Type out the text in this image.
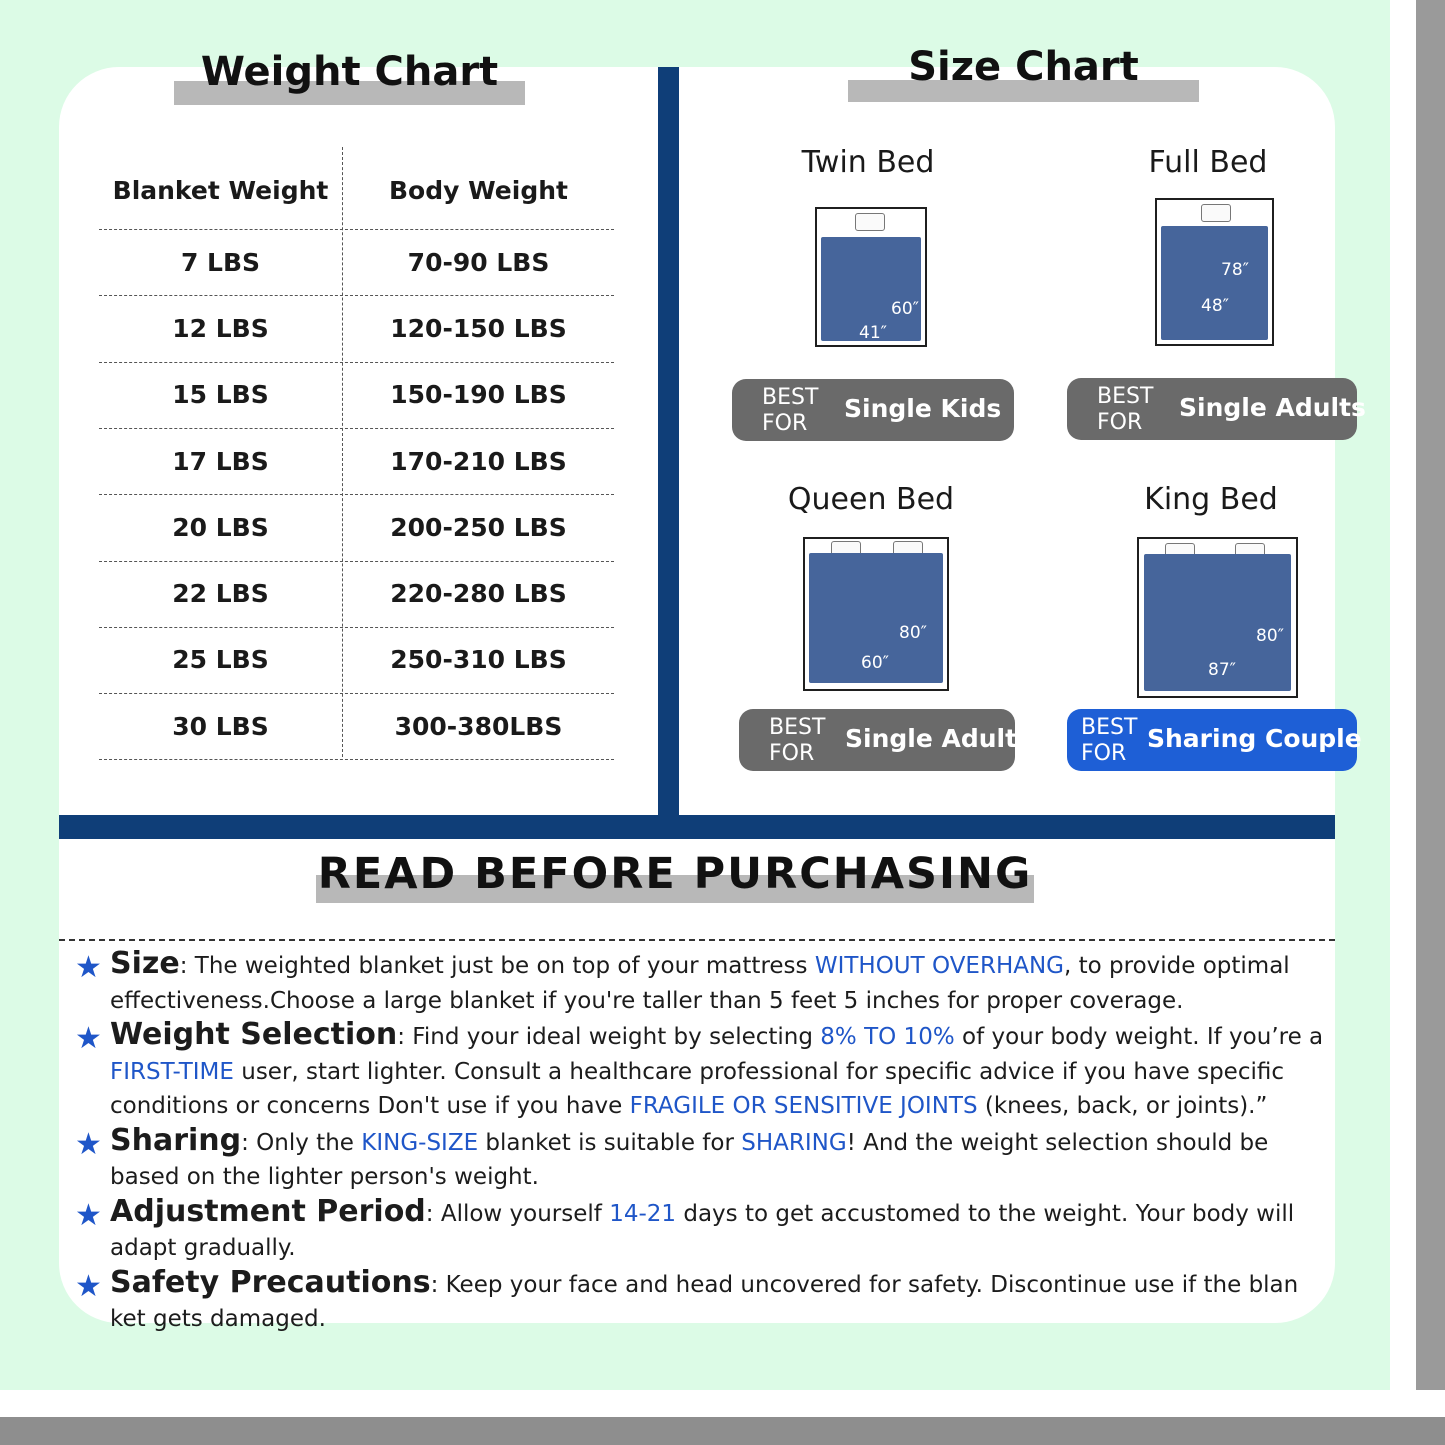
Weight Chart
Blanket Weight	Body Weight
7 LBS	70-90 LBS
12 LBS	120-150 LBS
15 LBS	150-190 LBS
17 LBS	170-210 LBS
20 LBS	200-250 LBS
22 LBS	220-280 LBS
25 LBS	250-310 LBS
30 LBS	300-380LBS
Size Chart
Twin Bed
60″
41″
BEST
FOR
Single Kids
Full Bed
78″
48″
BEST
FOR
Single Adults
Queen Bed
80″
60″
BEST
FOR
Single Adults
King Bed
80″
87″
BEST
FOR
Sharing Couple
READ BEFORE PURCHASING
★ Size: The weighted blanket just be on top of your mattress WITHOUT OVERHANG, to provide optimal
effectiveness.Choose a large blanket if you're taller than 5 feet 5 inches for proper coverage.
★ Weight Selection: Find your ideal weight by selecting 8% TO 10% of your body weight. If you’re a
FIRST-TIME user, start lighter. Consult a healthcare professional for specific advice if you have specific
conditions or concerns Don't use if you have FRAGILE OR SENSITIVE JOINTS (knees, back, or joints).”
★ Sharing: Only the KING-SIZE blanket is suitable for SHARING! And the weight selection should be
based on the lighter person's weight.
★ Adjustment Period: Allow yourself 14-21 days to get accustomed to the weight. Your body will
adapt gradually.
★ Safety Precautions: Keep your face and head uncovered for safety. Discontinue use if the blan
ket gets damaged.
